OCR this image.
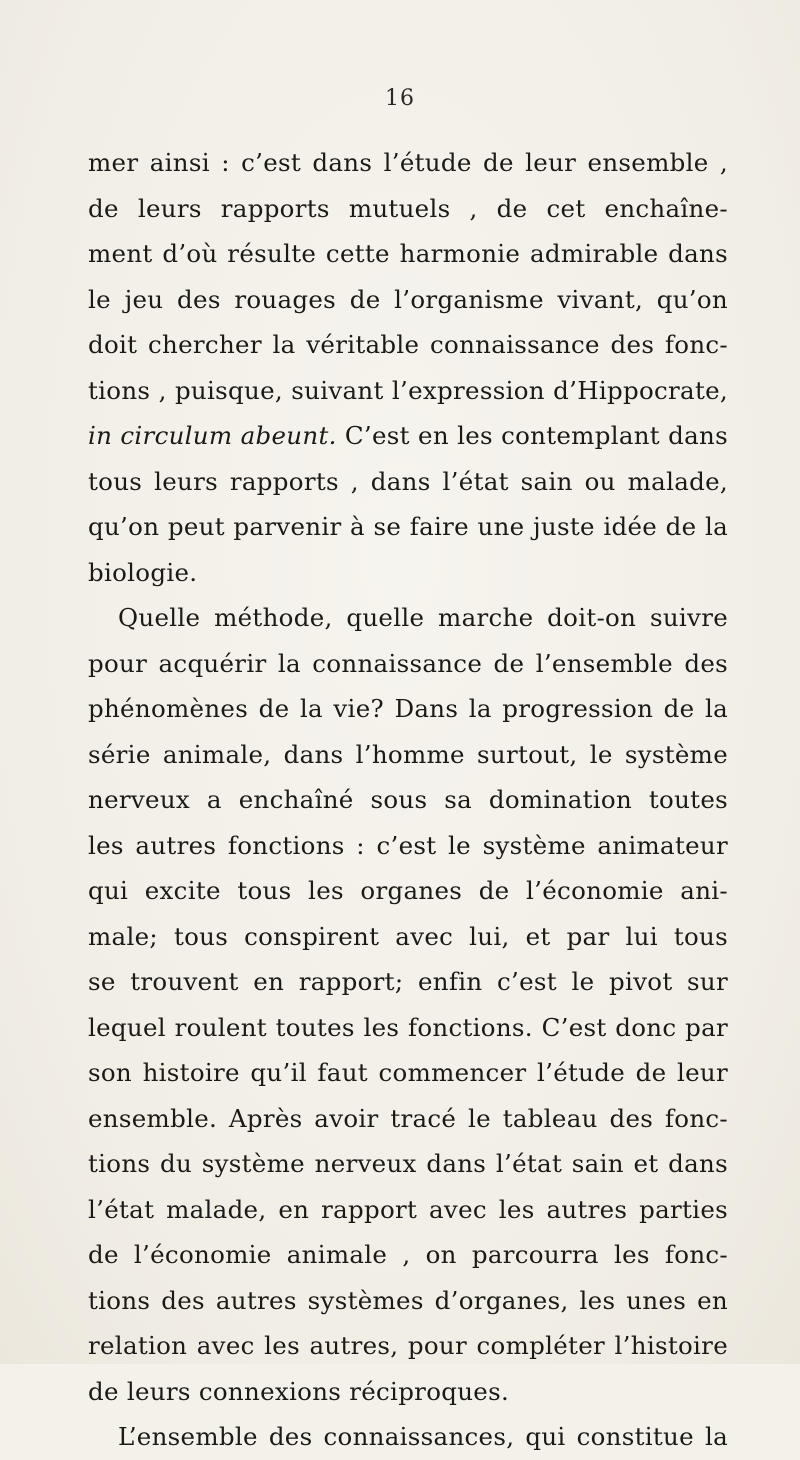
16
mer ainsi : c’est dans l’étude de leur ensemble ,
de leurs rapports mutuels , de cet enchaîne-
ment d’où résulte cette harmonie admirable dans
le jeu des rouages de l’organisme vivant, qu’on
doit chercher la véritable connaissance des fonc-
tions , puisque, suivant l’expression d’Hippocrate,
in circulum abeunt. C’est en les contemplant dans
tous leurs rapports , dans l’état sain ou malade,
qu’on peut parvenir à se faire une juste idée de la
biologie.
Quelle méthode, quelle marche doit-on suivre
pour acquérir la connaissance de l’ensemble des
phénomènes de la vie? Dans la progression de la
série animale, dans l’homme surtout, le système
nerveux a enchaîné sous sa domination toutes
les autres fonctions : c’est le système animateur
qui excite tous les organes de l’économie ani-
male; tous conspirent avec lui, et par lui tous
se trouvent en rapport; enfin c’est le pivot sur
lequel roulent toutes les fonctions. C’est donc par
son histoire qu’il faut commencer l’étude de leur
ensemble. Après avoir tracé le tableau des fonc-
tions du système nerveux dans l’état sain et dans
l’état malade, en rapport avec les autres parties
de l’économie animale , on parcourra les fonc-
tions des autres systèmes d’organes, les unes en
relation avec les autres, pour compléter l’histoire
de leurs connexions réciproques.
L’ensemble des connaissances, qui constitue la
